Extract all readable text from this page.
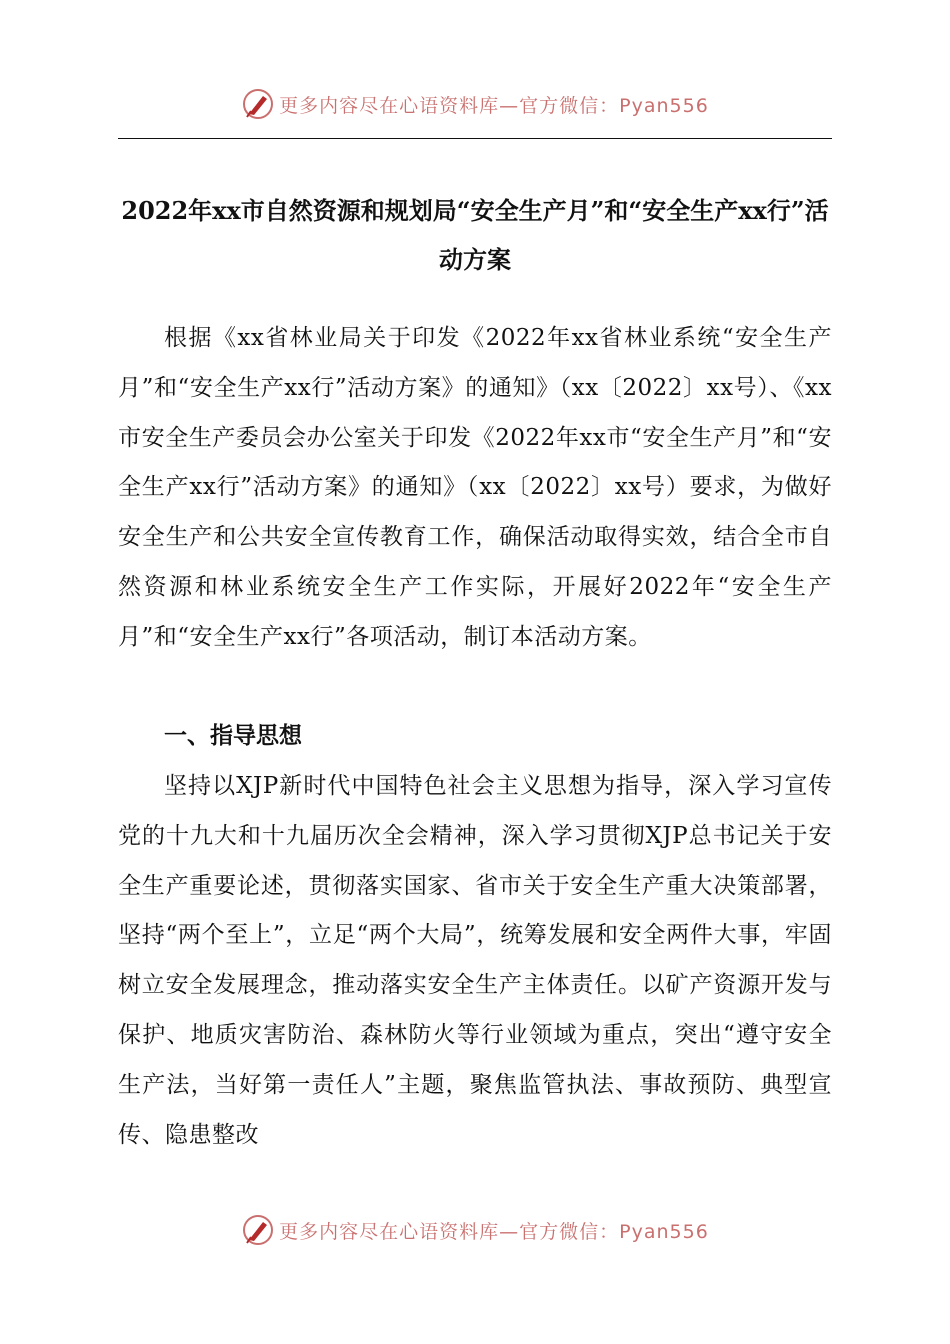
更多内容尽在心语资料库—官方微信：Pyan556
2022年xx市自然资源和规划局“安全生产月”和“安全生产xx行”活动方案

根据《xx省林业局关于印发《2022年xx省林业系统“安全生产月”和“安全生产xx行”活动方案》的通知》（xx〔2022〕xx号）、《xx市安全生产委员会办公室关于印发《2022年xx市“安全生产月”和“安全生产xx行”活动方案》的通知》（xx〔2022〕xx号）要求，为做好安全生产和公共安全宣传教育工作，确保活动取得实效，结合全市自然资源和林业系统安全生产工作实际，开展好2022年“安全生产月”和“安全生产xx行”各项活动，制订本活动方案。

一、指导思想

坚持以XJP新时代中国特色社会主义思想为指导，深入学习宣传党的十九大和十九届历次全会精神，深入学习贯彻XJP总书记关于安全生产重要论述，贯彻落实国家、省市关于安全生产重大决策部署，坚持“两个至上”，立足“两个大局”，统筹发展和安全两件大事，牢固树立安全发展理念，推动落实安全生产主体责任。以矿产资源开发与保护、地质灾害防治、森林防火等行业领域为重点，突出“遵守安全生产法，当好第一责任人”主题，聚焦监管执法、事故预防、典型宣传、隐患整改

更多内容尽在心语资料库—官方微信：Pyan556
